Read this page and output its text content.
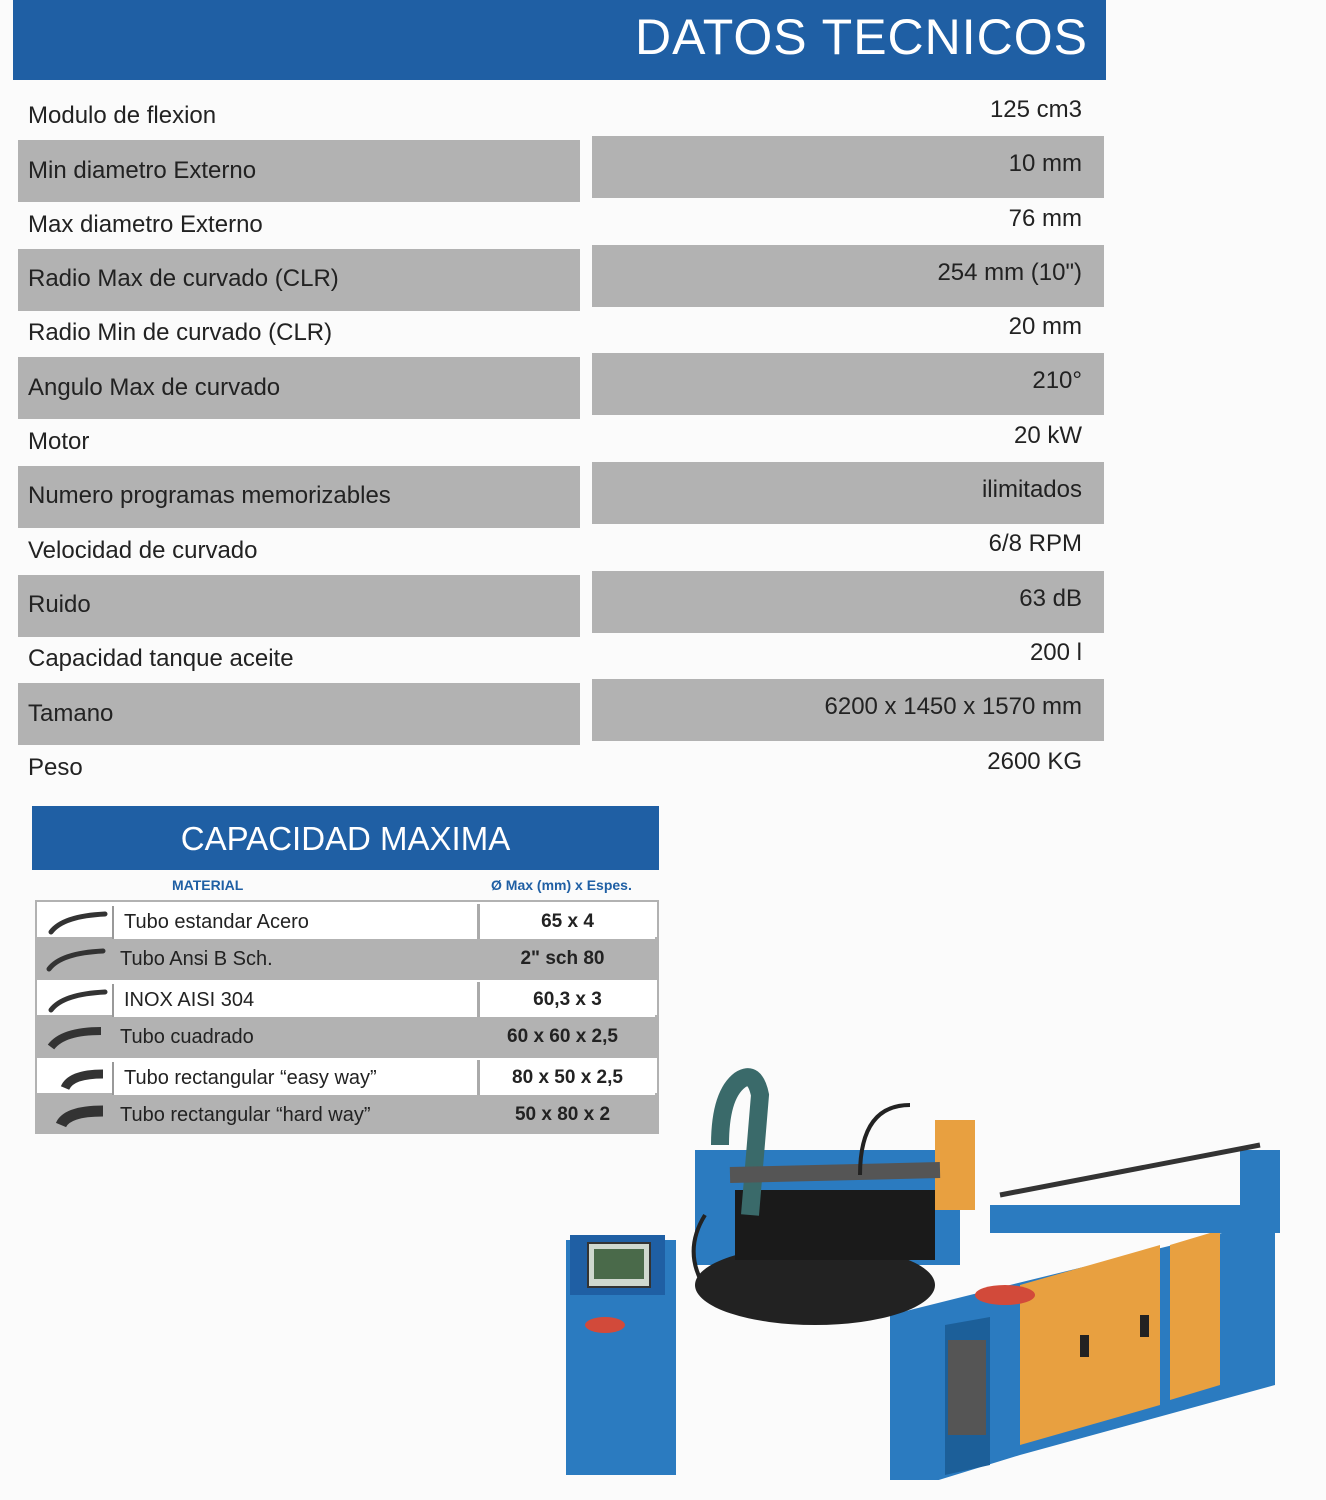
DATOS TECNICOS
Modulo de flexion	125 cm3
Min diametro Externo	10 mm
Max diametro Externo	76 mm
Radio Max de curvado (CLR)	254 mm (10")
Radio Min de curvado (CLR)	20 mm
Angulo Max de curvado	210°
Motor	20 kW
Numero programas memorizables	ilimitados
Velocidad de curvado	6/8 RPM
Ruido	63 dB
Capacidad tanque aceite	200 l
Tamano	6200 x 1450 x 1570 mm
Peso	2600 KG
CAPACIDAD MAXIMA
MATERIAL	Ø Max (mm) x Espes.
Tubo estandar Acero	65 x 4
Tubo Ansi B Sch.	2" sch 80
INOX AISI 304	60,3 x 3
Tubo cuadrado	60 x 60 x 2,5
Tubo rectangular “easy way”	80 x 50 x 2,5
Tubo rectangular “hard way”	50 x 80 x 2
